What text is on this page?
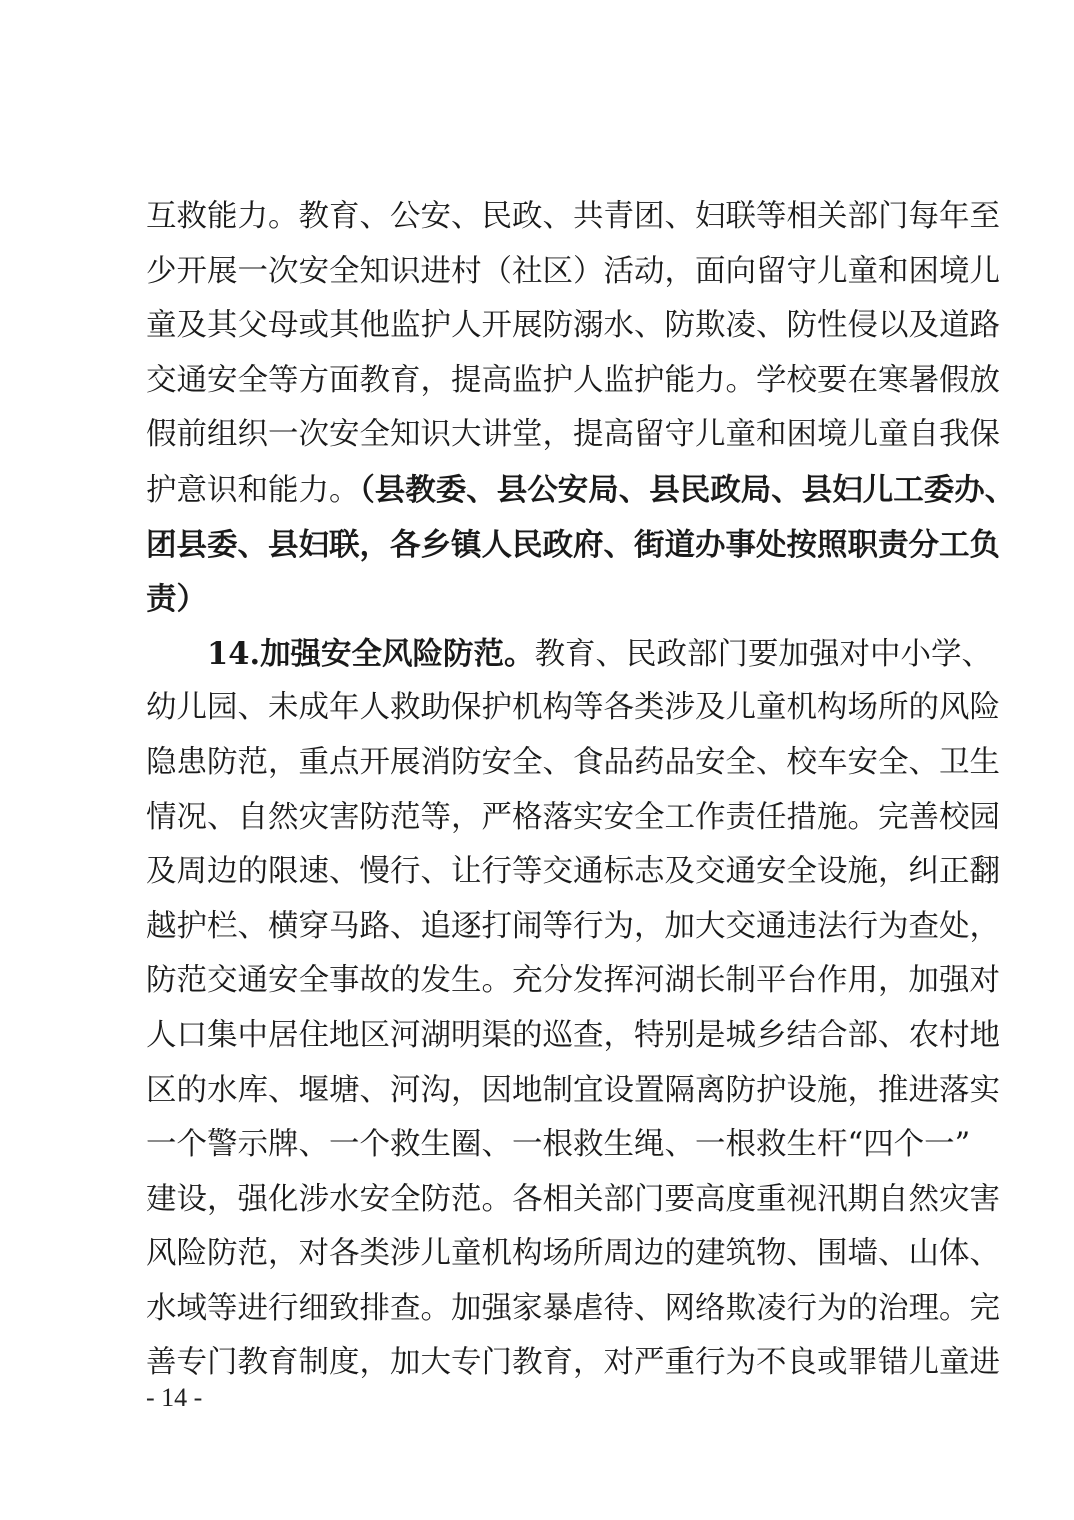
互救能力。教育、公安、民政、共青团、妇联等相关部门每年至
少开展一次安全知识进村（社区）活动，面向留守儿童和困境儿
童及其父母或其他监护人开展防溺水、防欺凌、防性侵以及道路
交通安全等方面教育，提高监护人监护能力。学校要在寒暑假放
假前组织一次安全知识大讲堂，提高留守儿童和困境儿童自我保
护意识和能力。（县教委、县公安局、县民政局、县妇儿工委办、
团县委、县妇联，各乡镇人民政府、街道办事处按照职责分工负
责）
14.加强安全风险防范。教育、民政部门要加强对中小学、
幼儿园、未成年人救助保护机构等各类涉及儿童机构场所的风险
隐患防范，重点开展消防安全、食品药品安全、校车安全、卫生
情况、自然灾害防范等，严格落实安全工作责任措施。完善校园
及周边的限速、慢行、让行等交通标志及交通安全设施，纠正翻
越护栏、横穿马路、追逐打闹等行为，加大交通违法行为查处，
防范交通安全事故的发生。充分发挥河湖长制平台作用，加强对
人口集中居住地区河湖明渠的巡查，特别是城乡结合部、农村地
区的水库、堰塘、河沟，因地制宜设置隔离防护设施，推进落实
一个警示牌、一个救生圈、一根救生绳、一根救生杆“四个一”
建设，强化涉水安全防范。各相关部门要高度重视汛期自然灾害
风险防范，对各类涉儿童机构场所周边的建筑物、围墙、山体、
水域等进行细致排查。加强家暴虐待、网络欺凌行为的治理。完
善专门教育制度，加大专门教育，对严重行为不良或罪错儿童进
- 14 -
